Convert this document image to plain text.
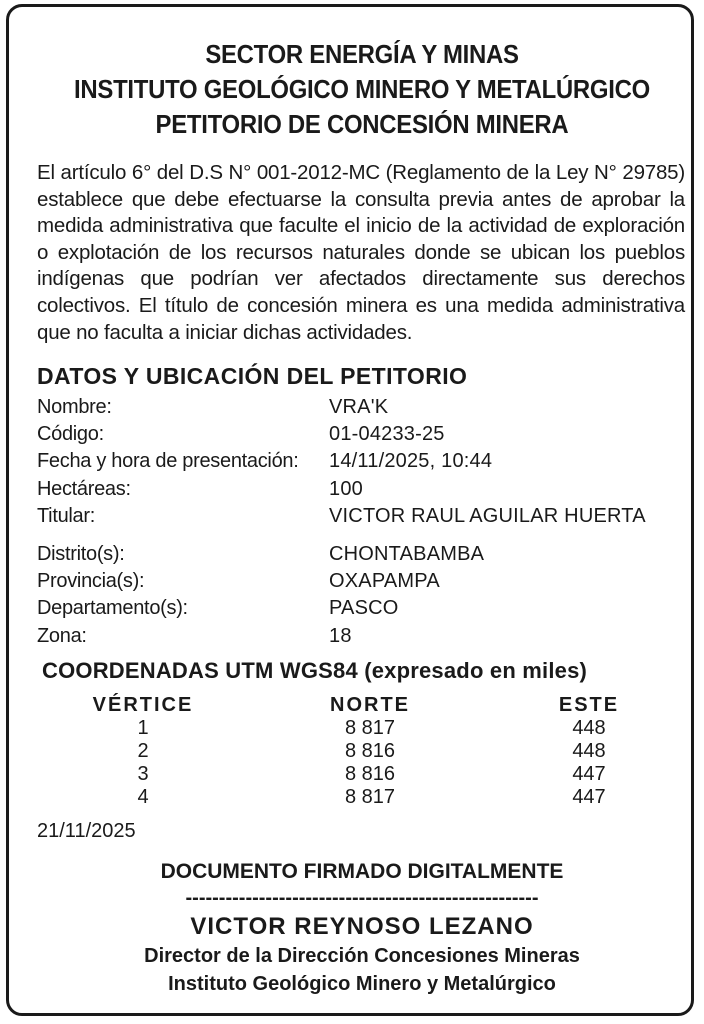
SECTOR ENERGÍA Y MINAS
INSTITUTO GEOLÓGICO MINERO Y METALÚRGICO
PETITORIO DE CONCESIÓN MINERA
El artículo 6° del D.S N° 001-2012-MC (Reglamento de la Ley N° 29785) establece que debe efectuarse la consulta previa antes de aprobar la medida administrativa que faculte el inicio de la actividad de exploración o explotación de los recursos naturales donde se ubican los pueblos indígenas que podrían ver afectados directamente sus derechos colectivos. El título de concesión minera es una medida administrativa que no faculta a iniciar dichas actividades.
DATOS Y UBICACIÓN DEL PETITORIO
Nombre:	VRA'K
Código:	01-04233-25
Fecha y hora de presentación:	14/11/2025, 10:44
Hectáreas:	100
Titular:	VICTOR RAUL AGUILAR HUERTA
Distrito(s):	CHONTABAMBA
Provincia(s):	OXAPAMPA
Departamento(s):	PASCO
Zona:	18
COORDENADAS UTM WGS84 (expresado en miles)
VÉRTICE	NORTE	ESTE
1	8 817	448
2	8 816	448
3	8 816	447
4	8 817	447
21/11/2025
DOCUMENTO FIRMADO DIGITALMENTE
-----------------------------------------------------
VICTOR REYNOSO LEZANO
Director de la Dirección Concesiones Mineras
Instituto Geológico Minero y Metalúrgico
